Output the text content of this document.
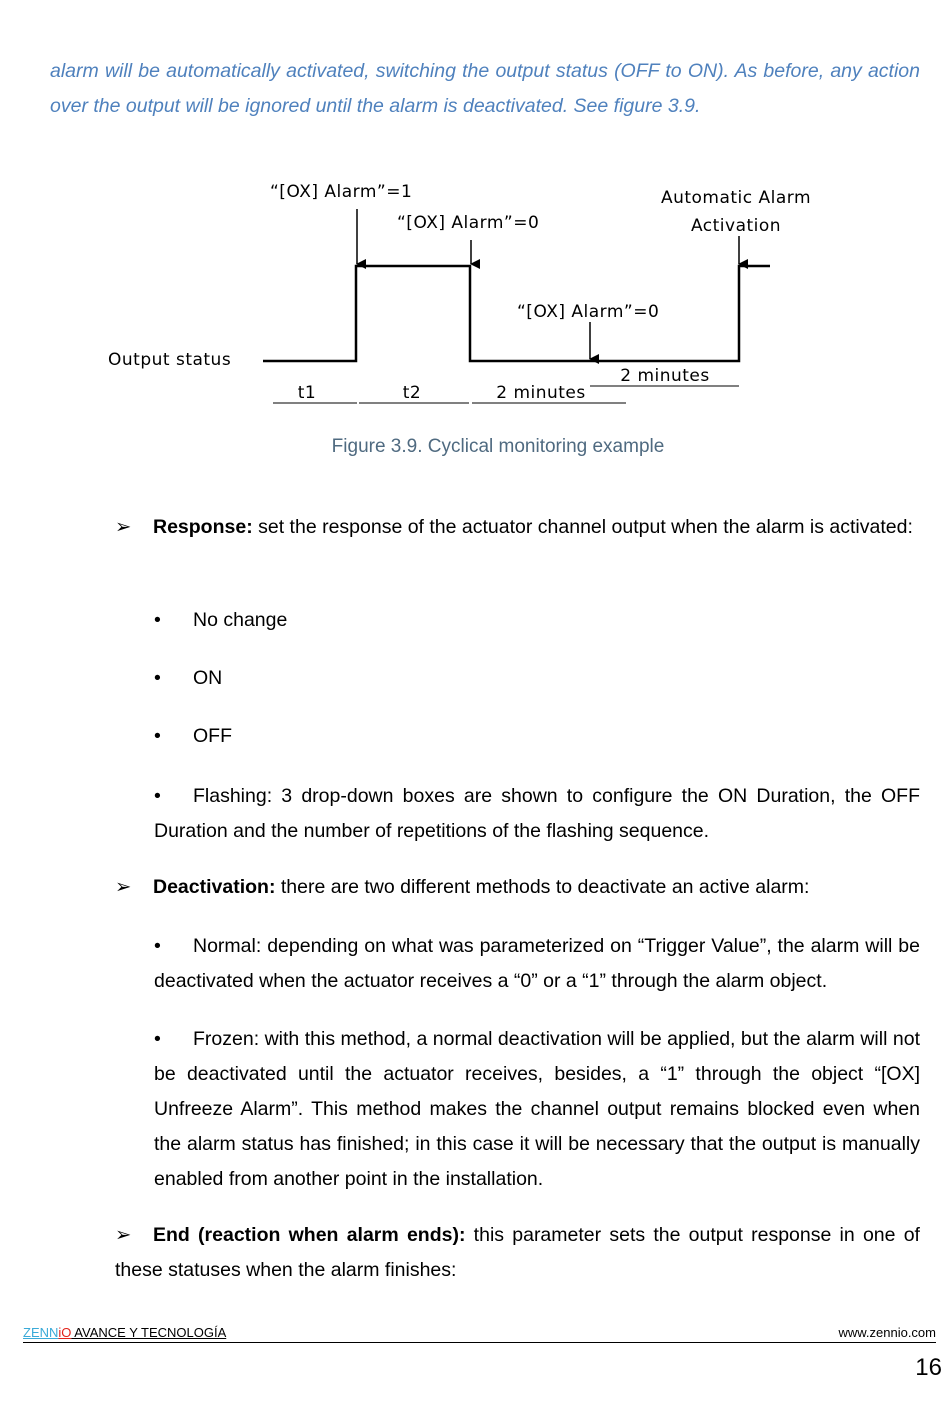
alarm will be automatically activated, switching the output status (OFF to ON). As before, any action over the output will be ignored until the alarm is deactivated. See figure 3.9.

“[OX] Alarm”=1
“[OX] Alarm”=0
“[OX] Alarm”=0
Automatic Alarm
Activation
Output status
t1	t2	2 minutes
2 minutes

Figure 3.9. Cyclical monitoring example

➢ Response: set the response of the actuator channel output when the alarm is activated:

• No change

• ON

• OFF

• Flashing: 3 drop-down boxes are shown to configure the ON Duration, the OFF Duration and the number of repetitions of the flashing sequence.

➢ Deactivation: there are two different methods to deactivate an active alarm:

• Normal: depending on what was parameterized on “Trigger Value”, the alarm will be deactivated when the actuator receives a “0” or a “1” through the alarm object.

• Frozen: with this method, a normal deactivation will be applied, but the alarm will not be deactivated until the actuator receives, besides, a “1” through the object “[OX] Unfreeze Alarm”. This method makes the channel output remains blocked even when the alarm status has finished; in this case it will be necessary that the output is manually enabled from another point in the installation.

➢ End (reaction when alarm ends): this parameter sets the output response in one of these statuses when the alarm finishes:

ZENNiO AVANCE Y TECNOLOGÍA	www.zennio.com
16
